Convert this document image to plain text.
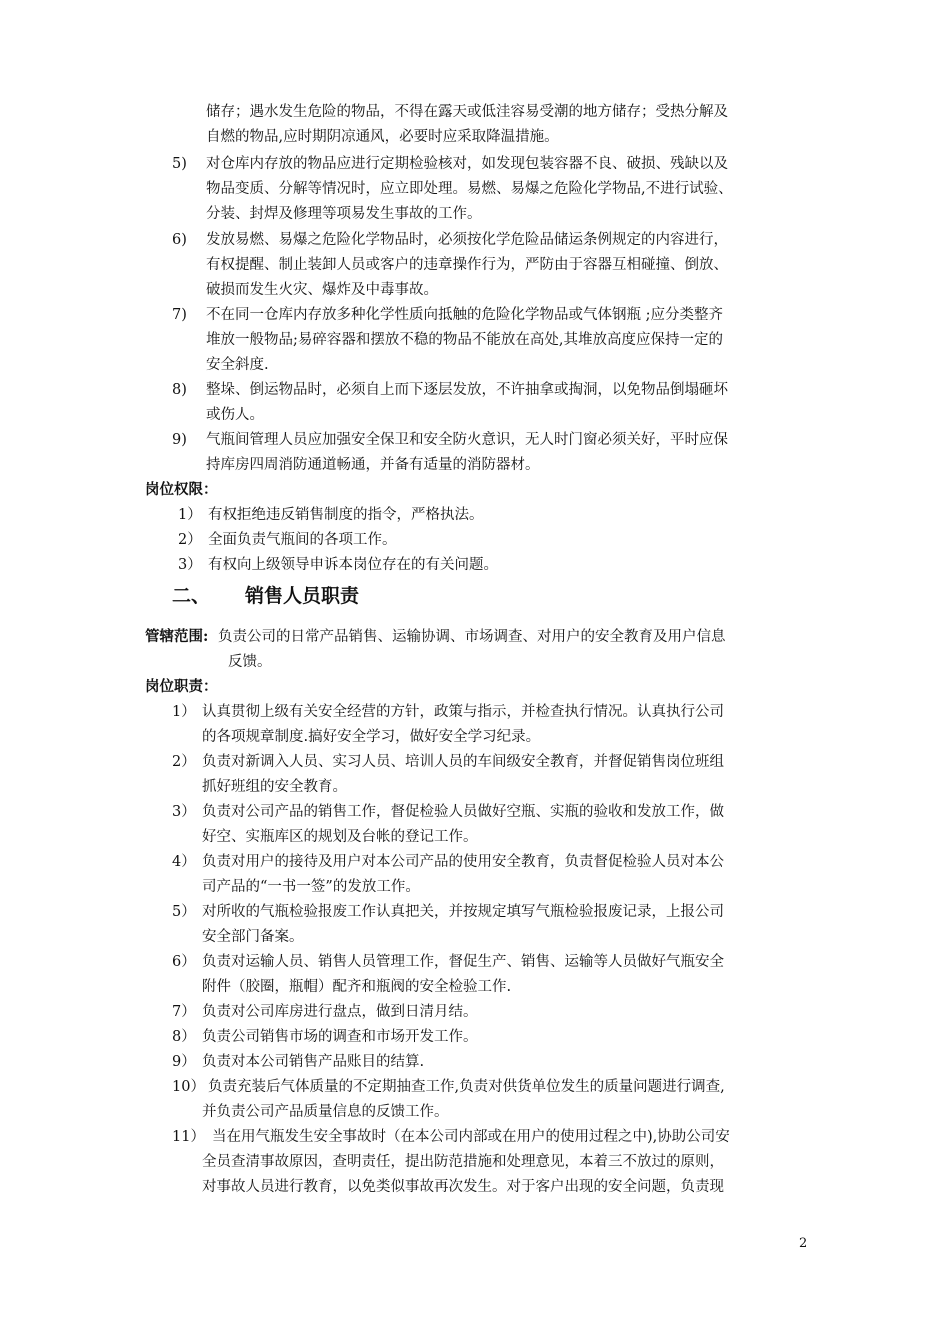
储存；遇水发生危险的物品，不得在露天或低洼容易受潮的地方储存；受热分解及
自燃的物品,应时期阴凉通风，必要时应采取降温措施。
5) 对仓库内存放的物品应进行定期检验核对，如发现包装容器不良、破损、残缺以及
物品变质、分解等情况时，应立即处理。易燃、易爆之危险化学物品,不进行试验、
分装、封焊及修理等项易发生事故的工作。
6) 发放易燃、易爆之危险化学物品时，必须按化学危险品储运条例规定的内容进行，
有权提醒、制止装卸人员或客户的违章操作行为，严防由于容器互相碰撞、倒放、
破损而发生火灾、爆炸及中毒事故。
7) 不在同一仓库内存放多种化学性质向抵触的危险化学物品或气体钢瓶 ;应分类整齐
堆放一般物品;易碎容器和摆放不稳的物品不能放在高处,其堆放高度应保持一定的
安全斜度.
8) 整垛、倒运物品时，必须自上而下逐层发放，不许抽拿或掏洞，以免物品倒塌砸坏
或伤人。
9) 气瓶间管理人员应加强安全保卫和安全防火意识，无人时门窗必须关好，平时应保
持库房四周消防通道畅通，并备有适量的消防器材。
岗位权限：
1） 有权拒绝违反销售制度的指令，严格执法。
2） 全面负责气瓶间的各项工作。
3） 有权向上级领导申诉本岗位存在的有关问题。
二、 销售人员职责
管辖范围: 负责公司的日常产品销售、运输协调、市场调查、对用户的安全教育及用户信息
反馈。
岗位职责：
1） 认真贯彻上级有关安全经营的方针，政策与指示，并检查执行情况。认真执行公司
的各项规章制度.搞好安全学习，做好安全学习纪录。
2） 负责对新调入人员、实习人员、培训人员的车间级安全教育，并督促销售岗位班组
抓好班组的安全教育。
3） 负责对公司产品的销售工作，督促检验人员做好空瓶、实瓶的验收和发放工作，做
好空、实瓶库区的规划及台帐的登记工作。
4） 负责对用户的接待及用户对本公司产品的使用安全教育，负责督促检验人员对本公
司产品的“一书一签”的发放工作。
5） 对所收的气瓶检验报废工作认真把关，并按规定填写气瓶检验报废记录，上报公司
安全部门备案。
6） 负责对运输人员、销售人员管理工作，督促生产、销售、运输等人员做好气瓶安全
附件（胶圈，瓶帽）配齐和瓶阀的安全检验工作.
7） 负责对公司库房进行盘点，做到日清月结。
8） 负责公司销售市场的调查和市场开发工作。
9） 负责对本公司销售产品账目的结算.
10） 负责充装后气体质量的不定期抽查工作,负责对供货单位发生的质量问题进行调查,
并负责公司产品质量信息的反馈工作。
11） 当在用气瓶发生安全事故时（在本公司内部或在用户的使用过程之中),协助公司安
全员查清事故原因，查明责任，提出防范措施和处理意见，本着三不放过的原则，
对事故人员进行教育，以免类似事故再次发生。对于客户出现的安全问题，负责现
2
